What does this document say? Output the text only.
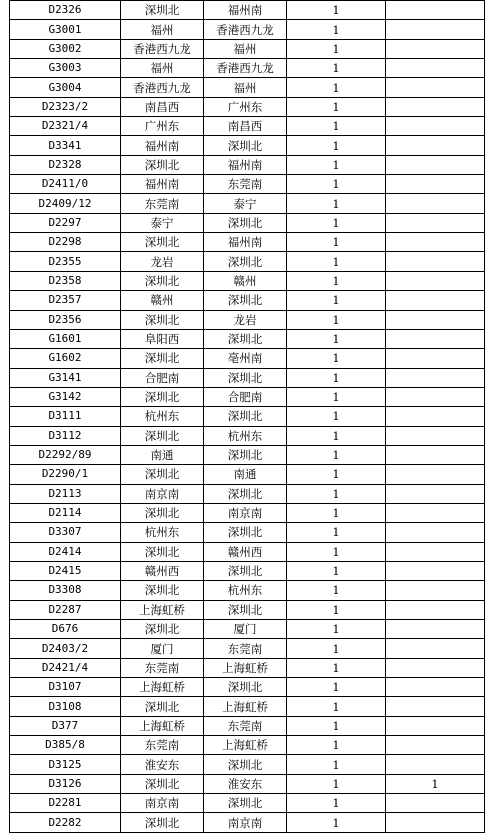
D2326	深圳北	福州南	1	
G3001	福州	香港西九龙	1	
G3002	香港西九龙	福州	1	
G3003	福州	香港西九龙	1	
G3004	香港西九龙	福州	1	
D2323/2	南昌西	广州东	1	
D2321/4	广州东	南昌西	1	
D3341	福州南	深圳北	1	
D2328	深圳北	福州南	1	
D2411/0	福州南	东莞南	1	
D2409/12	东莞南	泰宁	1	
D2297	泰宁	深圳北	1	
D2298	深圳北	福州南	1	
D2355	龙岩	深圳北	1	
D2358	深圳北	赣州	1	
D2357	赣州	深圳北	1	
D2356	深圳北	龙岩	1	
G1601	阜阳西	深圳北	1	
G1602	深圳北	亳州南	1	
G3141	合肥南	深圳北	1	
G3142	深圳北	合肥南	1	
D3111	杭州东	深圳北	1	
D3112	深圳北	杭州东	1	
D2292/89	南通	深圳北	1	
D2290/1	深圳北	南通	1	
D2113	南京南	深圳北	1	
D2114	深圳北	南京南	1	
D3307	杭州东	深圳北	1	
D2414	深圳北	赣州西	1	
D2415	赣州西	深圳北	1	
D3308	深圳北	杭州东	1	
D2287	上海虹桥	深圳北	1	
D676	深圳北	厦门	1	
D2403/2	厦门	东莞南	1	
D2421/4	东莞南	上海虹桥	1	
D3107	上海虹桥	深圳北	1	
D3108	深圳北	上海虹桥	1	
D377	上海虹桥	东莞南	1	
D385/8	东莞南	上海虹桥	1	
D3125	淮安东	深圳北	1	
D3126	深圳北	淮安东	1	1
D2281	南京南	深圳北	1	
D2282	深圳北	南京南	1	
